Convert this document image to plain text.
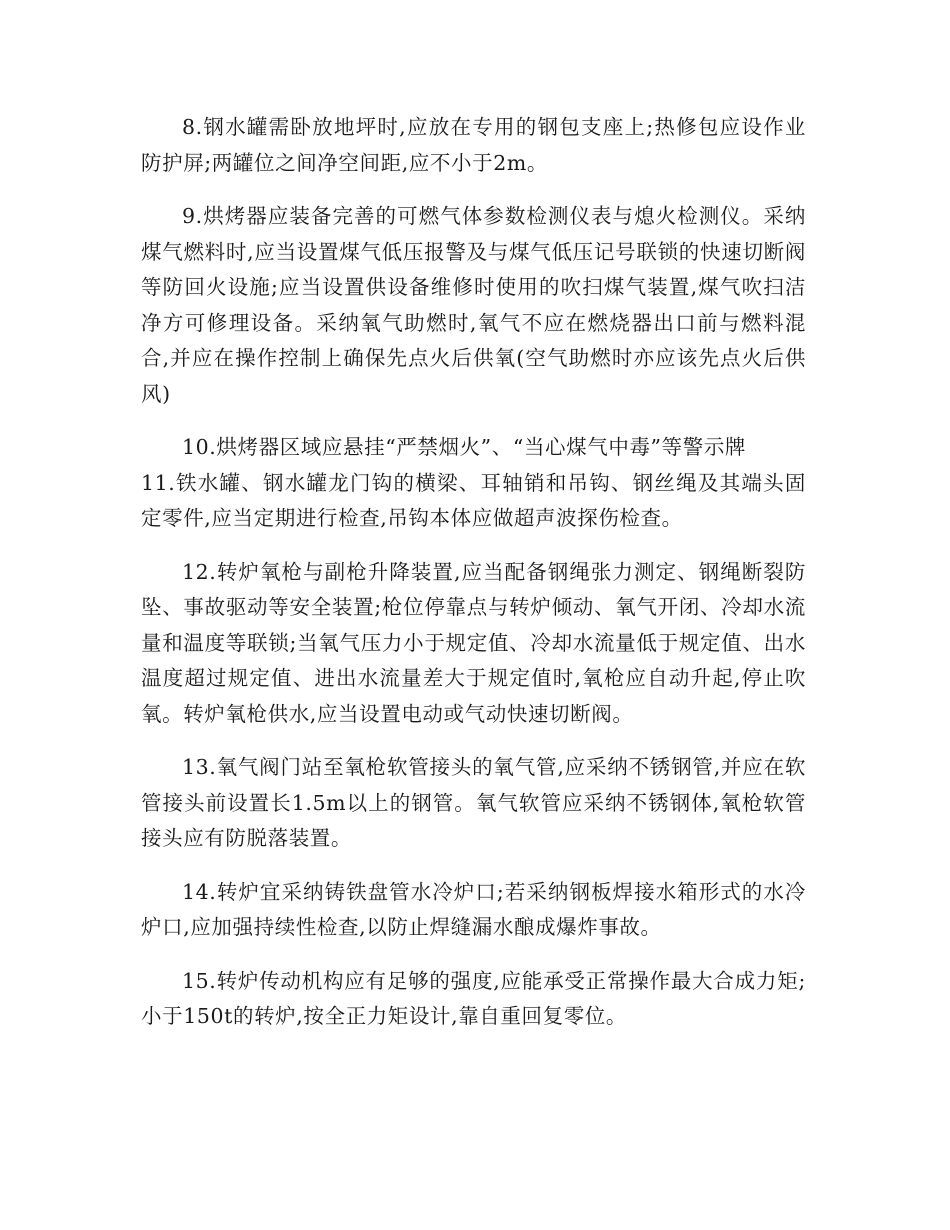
8.钢水罐需卧放地坪时,应放在专用的钢包支座上;热修包应设作业防护屏;两罐位之间净空间距,应不小于2m。

9.烘烤器应装备完善的可燃气体参数检测仪表与熄火检测仪。采纳煤气燃料时,应当设置煤气低压报警及与煤气低压记号联锁的快速切断阀等防回火设施;应当设置供设备维修时使用的吹扫煤气装置,煤气吹扫洁净方可修理设备。采纳氧气助燃时,氧气不应在燃烧器出口前与燃料混合,并应在操作控制上确保先点火后供氧(空气助燃时亦应该先点火后供风)

10.烘烤器区域应悬挂“严禁烟火”、“当心煤气中毒”等警示牌

11.铁水罐、钢水罐龙门钩的横梁、耳轴销和吊钩、钢丝绳及其端头固定零件,应当定期进行检查,吊钩本体应做超声波探伤检查。

12.转炉氧枪与副枪升降装置,应当配备钢绳张力测定、钢绳断裂防坠、事故驱动等安全装置;枪位停靠点与转炉倾动、氧气开闭、冷却水流量和温度等联锁;当氧气压力小于规定值、冷却水流量低于规定值、出水温度超过规定值、进出水流量差大于规定值时,氧枪应自动升起,停止吹氧。转炉氧枪供水,应当设置电动或气动快速切断阀。

13.氧气阀门站至氧枪软管接头的氧气管,应采纳不锈钢管,并应在软管接头前设置长1.5m以上的钢管。氧气软管应采纳不锈钢体,氧枪软管接头应有防脱落装置。

14.转炉宜采纳铸铁盘管水冷炉口;若采纳钢板焊接水箱形式的水冷炉口,应加强持续性检查,以防止焊缝漏水酿成爆炸事故。

15.转炉传动机构应有足够的强度,应能承受正常操作最大合成力矩;小于150t的转炉,按全正力矩设计,靠自重回复零位。
